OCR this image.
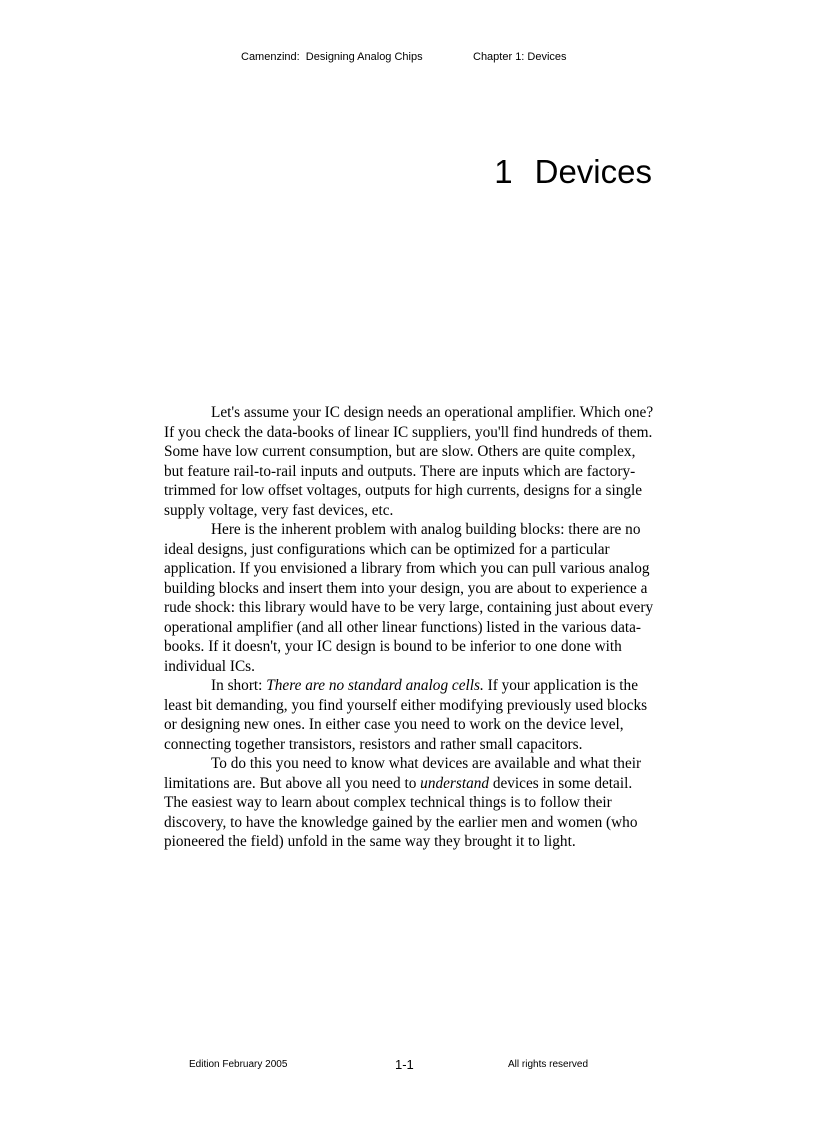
Camenzind:  Designing Analog Chips	Chapter 1: Devices
1 Devices

Let's assume your IC design needs an operational amplifier. Which one? If you check the data-books of linear IC suppliers, you'll find hundreds of them. Some have low current consumption, but are slow. Others are quite complex, but feature rail-to-rail inputs and outputs. There are inputs which are factory-trimmed for low offset voltages, outputs for high currents, designs for a single supply voltage, very fast devices, etc.

Here is the inherent problem with analog building blocks: there are no ideal designs, just configurations which can be optimized for a particular application. If you envisioned a library from which you can pull various analog building blocks and insert them into your design, you are about to experience a rude shock: this library would have to be very large, containing just about every operational amplifier (and all other linear functions) listed in the various data-books. If it doesn't, your IC design is bound to be inferior to one done with individual ICs.

In short: There are no standard analog cells. If your application is the least bit demanding, you find yourself either modifying previously used blocks or designing new ones. In either case you need to work on the device level, connecting together transistors, resistors and rather small capacitors.

To do this you need to know what devices are available and what their limitations are. But above all you need to understand devices in some detail. The easiest way to learn about complex technical things is to follow their discovery, to have the knowledge gained by the earlier men and women (who pioneered the field) unfold in the same way they brought it to light.

Edition February 2005	1-1	All rights reserved
